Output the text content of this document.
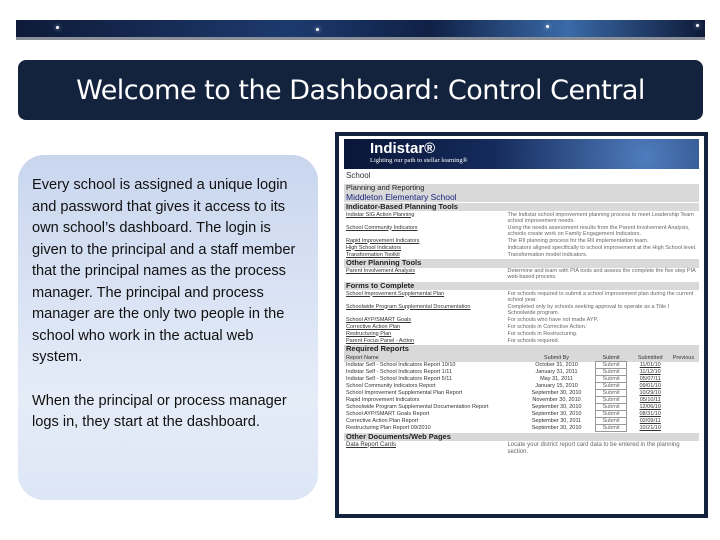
Welcome to the Dashboard: Control Central

Every school is assigned a unique login and password that gives it access to its own school’s dashboard. The login is given to the principal and a staff member that the principal names as the process manager. The principal and process manager are the only two people in the school who work in the actual web system.

When the principal or process manager logs in, they start at the dashboard.

Indistar®
Lighting our path to stellar learning®
School
Planning and Reporting
Middleton Elementary School
Indicator-Based Planning Tools
Indistar SIG Action Planning	The Indistar school improvement planning process to meet Leadership Team school improvement needs.
School Community Indicators	Using the needs assessment results from the Parent Involvement Analysis, schools create work on Family Engagement Indicators.
Rapid Improvement Indicators	The RII planning process for the RII implementation team.
High School Indicators	Indicators aligned specifically to school improvement at the High School level.
Transformation Toolkit	Transformation model indicators.
Other Planning Tools
Parent Involvement Analysis	Determine and learn with PIA tools and assess the complete the five step PIA web-based process.
Forms to Complete
School Improvement Supplemental Plan	For schools required to submit a school improvement plan during the current school year.
Schoolwide Program Supplemental Documentation	Completed only by schools seeking approval to operate as a Title I Schoolwide program.
School AYP/SMART Goals	For schools who have not made AYP.
Corrective Action Plan	For schools in Corrective Action.
Restructuring Plan	For schools in Restructuring.
Parent Focus Panel - Action	For schools required.
Required Reports
Report Name	Submit By	Submit	Submitted	Previous
Indistar Self - School Indicators Report 10/10	October 31, 2010	Submit	11/01/10	
Indistar Self - School Indicators Report 1/11	January 31, 2011	Submit	11/12/10	
Indistar Self - School Indicators Report 5/11	May 31, 2011	Submit	05/07/11	
School Community Indicators Report	January 15, 2010	Submit	09/01/10	
School Improvement Supplemental Plan Report	September 30, 2010	Submit	10/29/10	
Rapid Improvement Indicators	November 30, 2010	Submit	05/10/11	
Schoolwide Program Supplemental Documentation Report	September 30, 2010	Submit	12/06/10	
School AYP/SMART Goals Report	September 30, 2010	Submit	08/31/10	
Corrective Action Plan Report	September 30, 2011	Submit	02/09/11	
Restructuring Plan Report 09/2010	September 30, 2010	Submit	10/21/10	
Other Documents/Web Pages
Data Report Cards	Locate your district report card data to be entered in the planning section.
